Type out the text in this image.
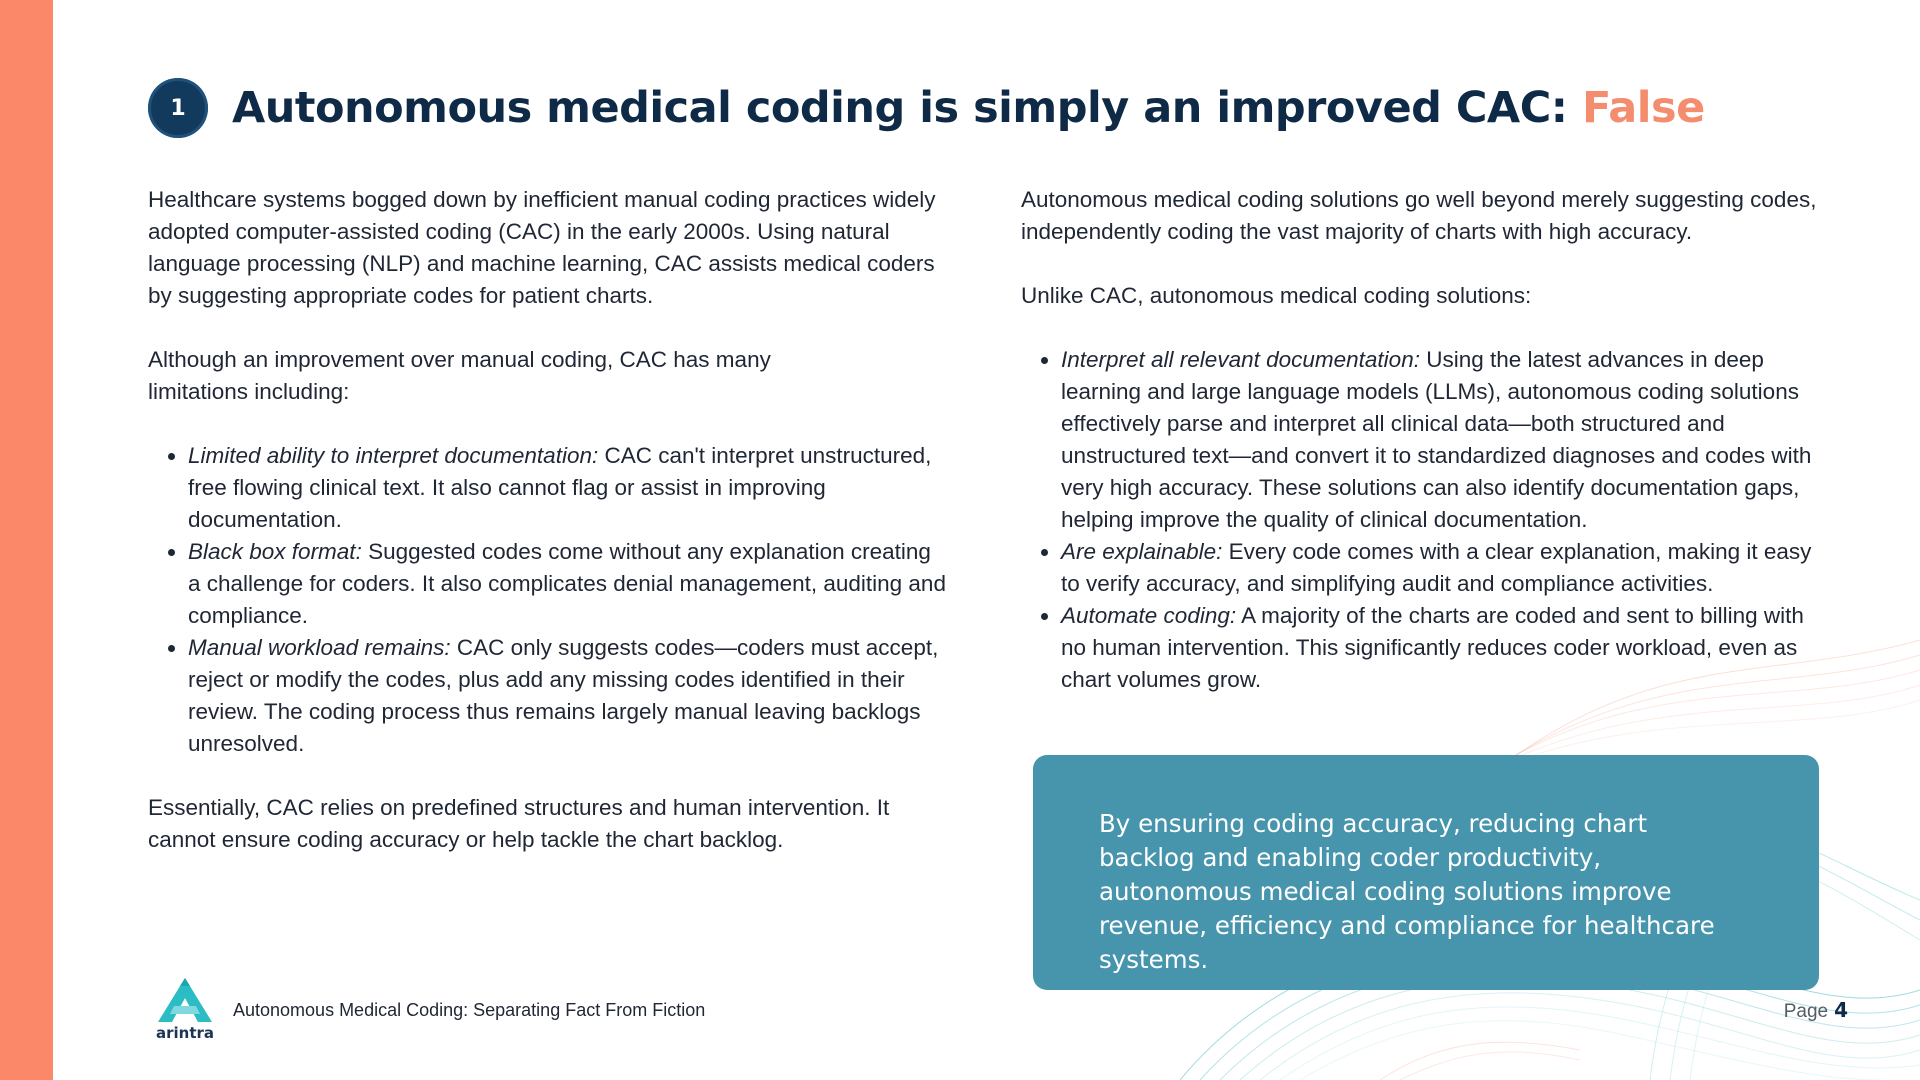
1	Autonomous medical coding is simply an improved CAC: False

Healthcare systems bogged down by inefficient manual coding practices widely adopted computer-assisted coding (CAC) in the early 2000s. Using natural language processing (NLP) and machine learning, CAC assists medical coders by suggesting appropriate codes for patient charts.

Although an improvement over manual coding, CAC has many limitations including:

• Limited ability to interpret documentation: CAC can't interpret unstructured, free flowing clinical text. It also cannot flag or assist in improving documentation.
• Black box format: Suggested codes come without any explanation creating a challenge for coders. It also complicates denial management, auditing and compliance.
• Manual workload remains: CAC only suggests codes—coders must accept, reject or modify the codes, plus add any missing codes identified in their review. The coding process thus remains largely manual leaving backlogs unresolved.

Essentially, CAC relies on predefined structures and human intervention. It cannot ensure coding accuracy or help tackle the chart backlog.

Autonomous medical coding solutions go well beyond merely suggesting codes, independently coding the vast majority of charts with high accuracy.

Unlike CAC, autonomous medical coding solutions:

• Interpret all relevant documentation: Using the latest advances in deep learning and large language models (LLMs), autonomous coding solutions effectively parse and interpret all clinical data—both structured and unstructured text—and convert it to standardized diagnoses and codes with very high accuracy. These solutions can also identify documentation gaps, helping improve the quality of clinical documentation.
• Are explainable: Every code comes with a clear explanation, making it easy to verify accuracy, and simplifying audit and compliance activities.
• Automate coding: A majority of the charts are coded and sent to billing with no human intervention. This significantly reduces coder workload, even as chart volumes grow.

By ensuring coding accuracy, reducing chart backlog and enabling coder productivity, autonomous medical coding solutions improve revenue, efficiency and compliance for healthcare systems.

arintra
Autonomous Medical Coding: Separating Fact From Fiction	Page 4
